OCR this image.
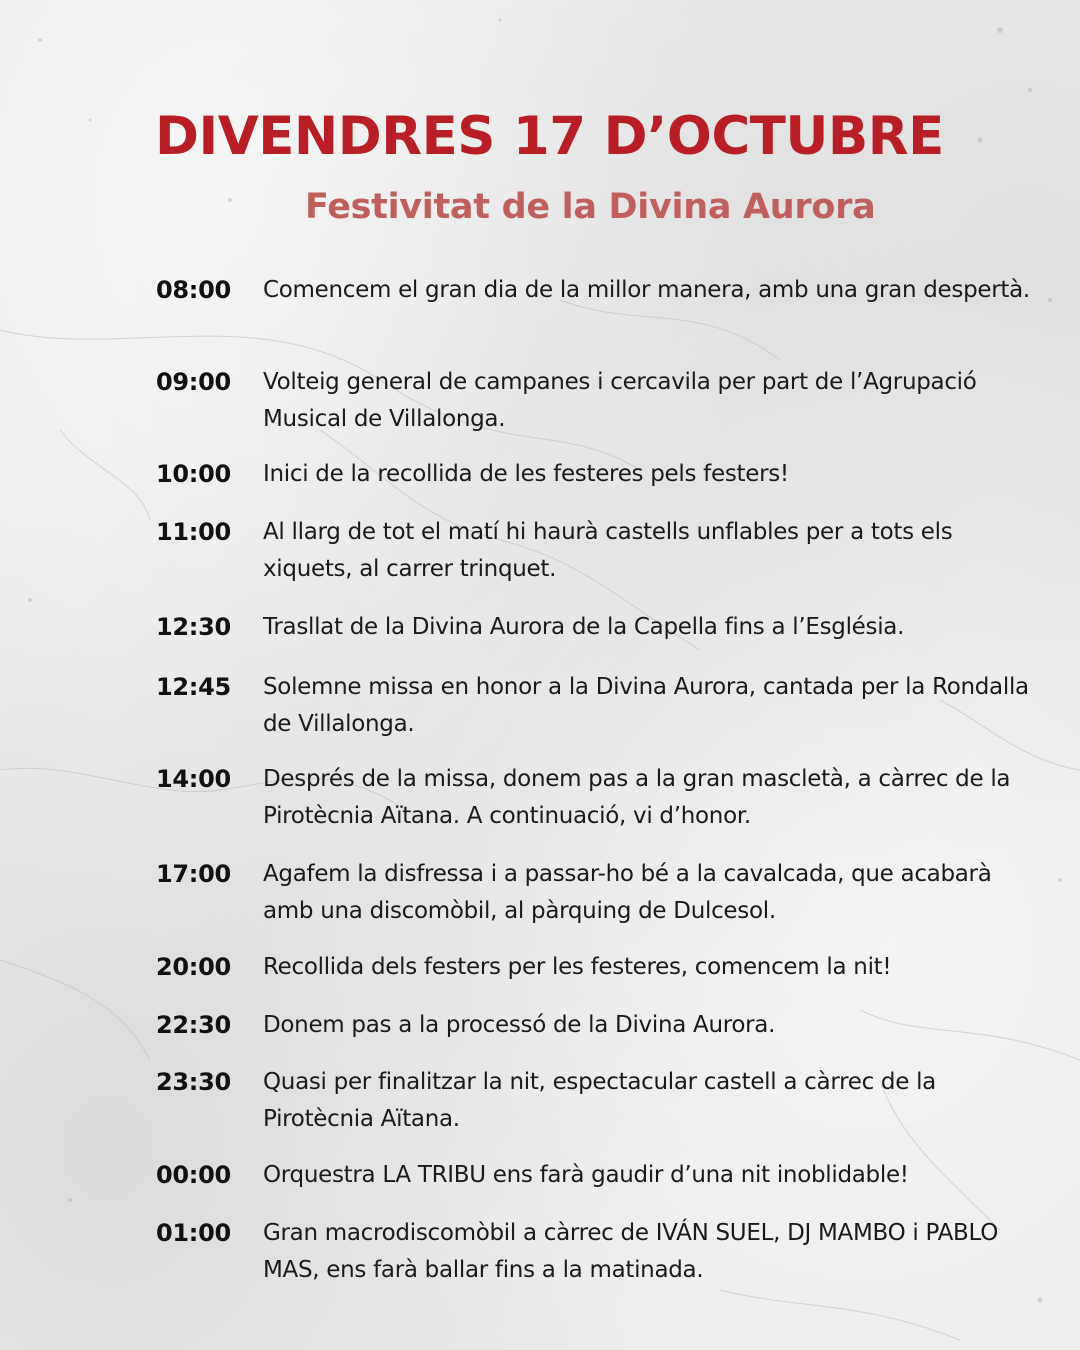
DIVENDRES 17 D’OCTUBRE
Festivitat de la Divina Aurora
08:00 Comencem el gran dia de la millor manera, amb una gran despertà.
09:00 Volteig general de campanes i cercavila per part de l’Agrupació Musical de Villalonga.
10:00 Inici de la recollida de les festeres pels festers!
11:00 Al llarg de tot el matí hi haurà castells unflables per a tots els xiquets, al carrer trinquet.
12:30 Trasllat de la Divina Aurora de la Capella fins a l’Església.
12:45 Solemne missa en honor a la Divina Aurora, cantada per la Rondalla de Villalonga.
14:00 Després de la missa, donem pas a la gran mascletà, a càrrec de la Pirotècnia Aïtana. A continuació, vi d’honor.
17:00 Agafem la disfressa i a passar-ho bé a la cavalcada, que acabarà amb una discomòbil, al pàrquing de Dulcesol.
20:00 Recollida dels festers per les festeres, comencem la nit!
22:30 Donem pas a la processó de la Divina Aurora.
23:30 Quasi per finalitzar la nit, espectacular castell a càrrec de la Pirotècnia Aïtana.
00:00 Orquestra LA TRIBU ens farà gaudir d’una nit inoblidable!
01:00 Gran macrodiscomòbil a càrrec de IVÁN SUEL, DJ MAMBO i PABLO MAS, ens farà ballar fins a la matinada.
